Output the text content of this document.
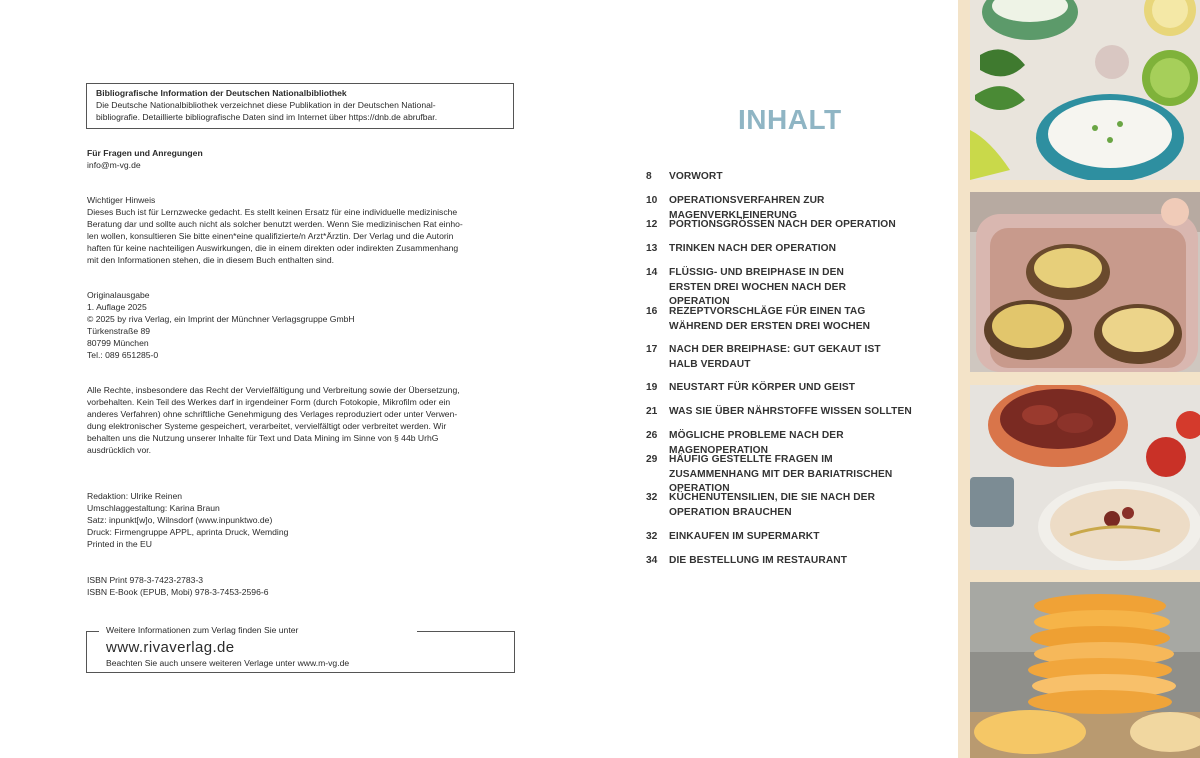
Bibliografische Information der Deutschen Nationalbibliothek
Die Deutsche Nationalbibliothek verzeichnet diese Publikation in der Deutschen National-
bibliografie. Detaillierte bibliografische Daten sind im Internet über https://dnb.de abrufbar.
Für Fragen und Anregungen
info@m-vg.de
Wichtiger Hinweis
Dieses Buch ist für Lernzwecke gedacht. Es stellt keinen Ersatz für eine individuelle medizinische
Beratung dar und sollte auch nicht als solcher benutzt werden. Wenn Sie medizinischen Rat einho-
len wollen, konsultieren Sie bitte einen*eine qualifizierte/n Arzt*Ärztin. Der Verlag und die Autorin
haften für keine nachteiligen Auswirkungen, die in einem direkten oder indirekten Zusammenhang
mit den Informationen stehen, die in diesem Buch enthalten sind.
Originalausgabe
1. Auflage 2025
© 2025 by riva Verlag, ein Imprint der Münchner Verlagsgruppe GmbH
Türkenstraße 89
80799 München
Tel.: 089 651285-0
Alle Rechte, insbesondere das Recht der Vervielfältigung und Verbreitung sowie der Übersetzung,
vorbehalten. Kein Teil des Werkes darf in irgendeiner Form (durch Fotokopie, Mikrofilm oder ein
anderes Verfahren) ohne schriftliche Genehmigung des Verlages reproduziert oder unter Verwen-
dung elektronischer Systeme gespeichert, verarbeitet, vervielfältigt oder verbreitet werden. Wir
behalten uns die Nutzung unserer Inhalte für Text und Data Mining im Sinne von § 44b UrhG
ausdrücklich vor.
Redaktion: Ulrike Reinen
Umschlaggestaltung: Karina Braun
Satz: inpunkt[w]o, Wilnsdorf (www.inpunktwo.de)
Druck: Firmengruppe APPL, aprinta Druck, Wemding
Printed in the EU
ISBN Print 978-3-7423-2783-3
ISBN E-Book (EPUB, Mobi) 978-3-7453-2596-6
Weitere Informationen zum Verlag finden Sie unter
www.rivaverlag.de
Beachten Sie auch unsere weiteren Verlage unter www.m-vg.de
INHALT
8	VORWORT
10	OPERATIONSVERFAHREN ZUR MAGENVERKLEINERUNG
12	PORTIONSGRÖSSEN NACH DER OPERATION
13	TRINKEN NACH DER OPERATION
14	FLÜSSIG- UND BREIPHASE IN DEN ERSTEN DREI WOCHEN NACH DER OPERATION
16	REZEPTVORSCHLÄGE FÜR EINEN TAG WÄHREND DER ERSTEN DREI WOCHEN
17	NACH DER BREIPHASE: GUT GEKAUT IST HALB VERDAUT
19	NEUSTART FÜR KÖRPER UND GEIST
21	WAS SIE ÜBER NÄHRSTOFFE WISSEN SOLLTEN
26	MÖGLICHE PROBLEME NACH DER MAGENOPERATION
29	HÄUFIG GESTELLTE FRAGEN IM ZUSAMMENHANG MIT DER BARIATRISCHEN OPERATION
32	KÜCHENUTENSILIEN, DIE SIE NACH DER OPERATION BRAUCHEN
32	EINKAUFEN IM SUPERMARKT
34	DIE BESTELLUNG IM RESTAURANT
